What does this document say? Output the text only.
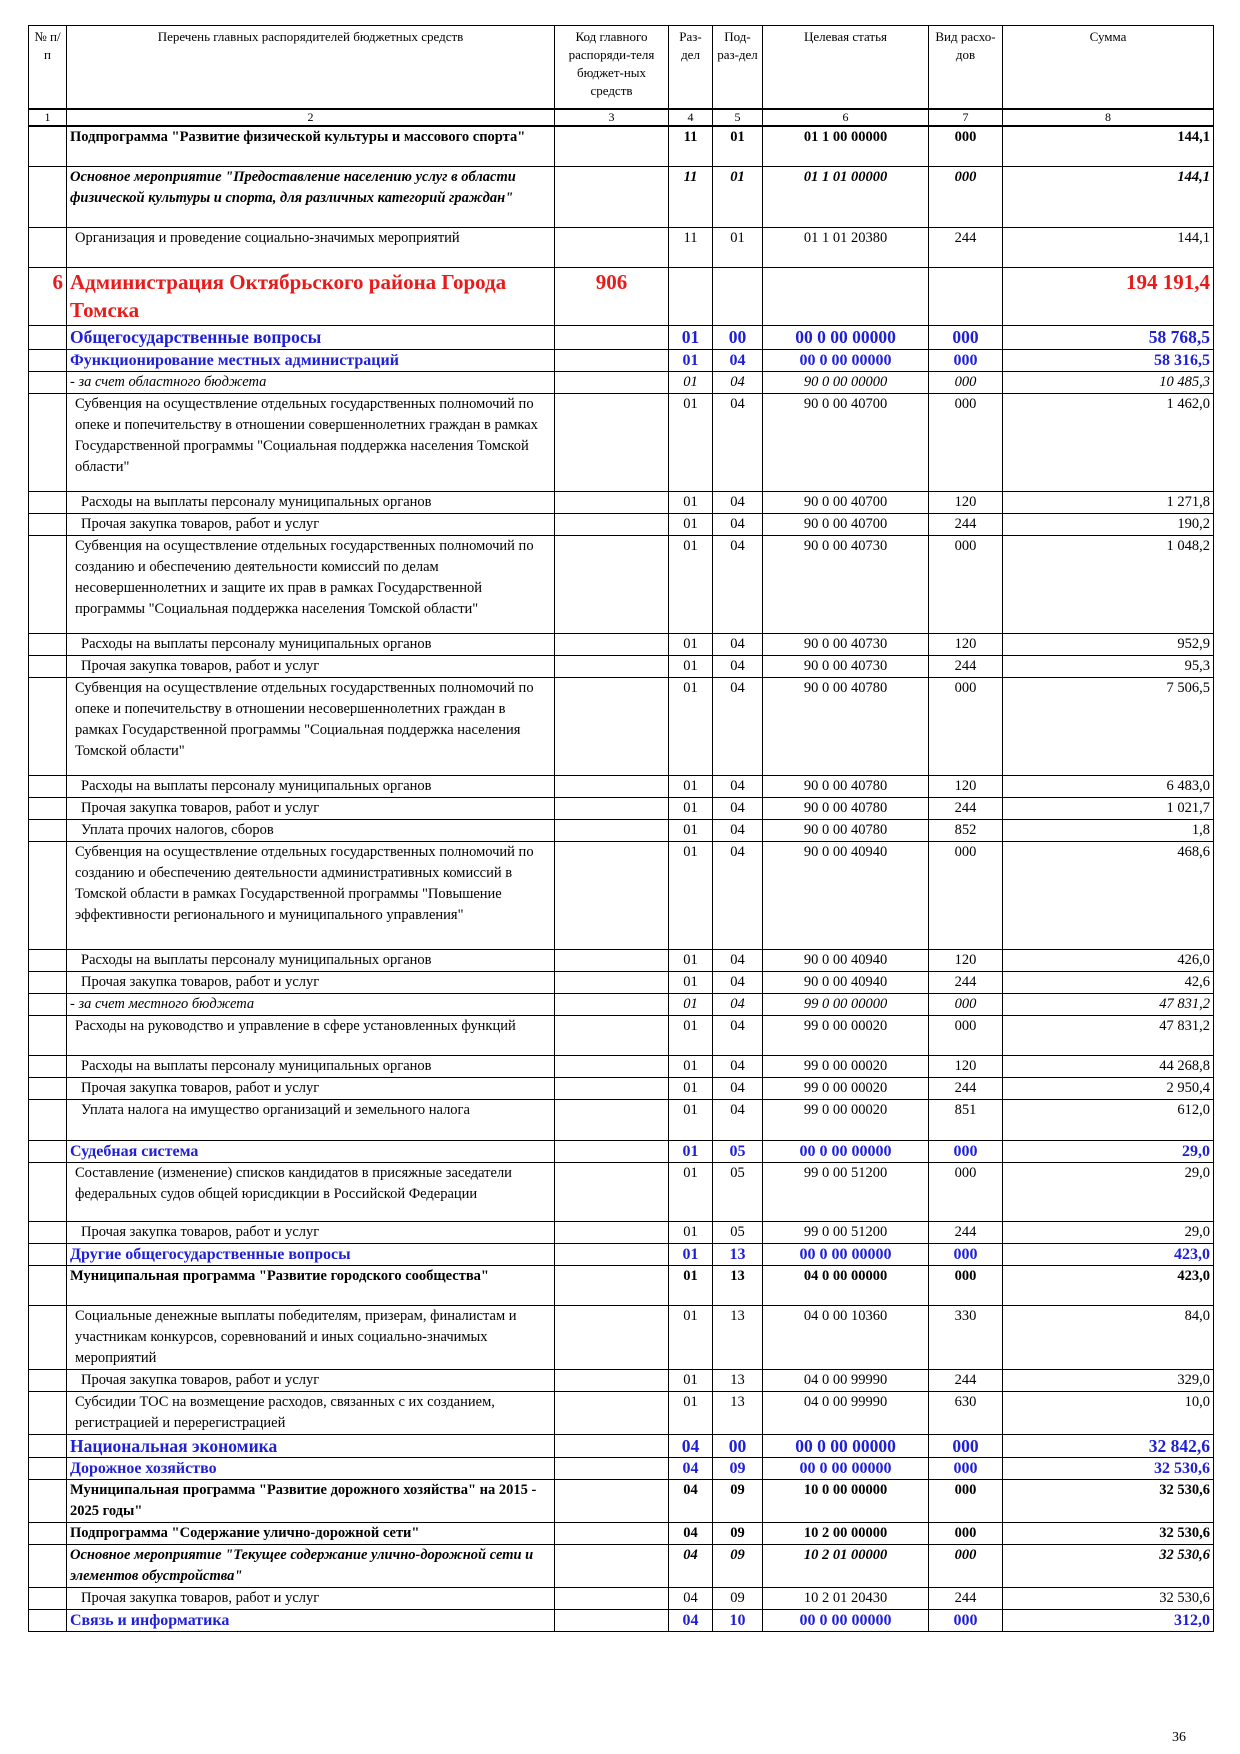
№ п/п	Перечень главных распорядителей бюджетных средств	Код главного распоряди-теля бюджет-ных средств	Раз-дел	Под-раз-дел	Целевая статья	Вид расхо-дов	Сумма
1	2	3	4	5	6	7	8
	Подпрограмма "Развитие физической культуры и массового спорта"		11	01	01 1 00 00000	000	144,1
	Основное мероприятие "Предоставление населению услуг в области физической культуры и спорта, для различных категорий граждан"		11	01	01 1 01 00000	000	144,1
	Организация и проведение социально-значимых мероприятий		11	01	01 1 01 20380	244	144,1
6	Администрация Октябрьского района Города Томска	906					194 191,4
	Общегосударственные вопросы		01	00	00 0 00 00000	000	58 768,5
	Функционирование местных администраций		01	04	00 0 00 00000	000	58 316,5
	- за счет областного бюджета		01	04	90 0 00 00000	000	10 485,3
	Субвенция на осуществление отдельных государственных полномочий по опеке и попечительству в отношении совершеннолетних граждан в рамках Государственной программы "Социальная поддержка населения Томской области"		01	04	90 0 00 40700	000	1 462,0
	Расходы на выплаты персоналу муниципальных органов		01	04	90 0 00 40700	120	1 271,8
	Прочая закупка товаров, работ и услуг		01	04	90 0 00 40700	244	190,2
	Субвенция на осуществление отдельных государственных полномочий по созданию и обеспечению деятельности комиссий по делам несовершеннолетних и защите их прав в рамках Государственной программы "Социальная поддержка населения Томской области"		01	04	90 0 00 40730	000	1 048,2
	Расходы на выплаты персоналу муниципальных органов		01	04	90 0 00 40730	120	952,9
	Прочая закупка товаров, работ и услуг		01	04	90 0 00 40730	244	95,3
	Субвенция на осуществление отдельных государственных полномочий по опеке и попечительству в отношении несовершеннолетних граждан в рамках Государственной программы "Социальная поддержка населения Томской области"		01	04	90 0 00 40780	000	7 506,5
	Расходы на выплаты персоналу муниципальных органов		01	04	90 0 00 40780	120	6 483,0
	Прочая закупка товаров, работ и услуг		01	04	90 0 00 40780	244	1 021,7
	Уплата прочих налогов, сборов		01	04	90 0 00 40780	852	1,8
	Субвенция на осуществление отдельных государственных полномочий по созданию и обеспечению деятельности административных комиссий в Томской области в рамках Государственной программы "Повышение эффективности регионального и муниципального управления"		01	04	90 0 00 40940	000	468,6
	Расходы на выплаты персоналу муниципальных органов		01	04	90 0 00 40940	120	426,0
	Прочая закупка товаров, работ и услуг		01	04	90 0 00 40940	244	42,6
	- за счет местного бюджета		01	04	99 0 00 00000	000	47 831,2
	Расходы на руководство и управление в сфере установленных функций		01	04	99 0 00 00020	000	47 831,2
	Расходы на выплаты персоналу муниципальных органов		01	04	99 0 00 00020	120	44 268,8
	Прочая закупка товаров, работ и услуг		01	04	99 0 00 00020	244	2 950,4
	Уплата налога на имущество организаций и земельного налога		01	04	99 0 00 00020	851	612,0
	Судебная система		01	05	00 0 00 00000	000	29,0
	Составление (изменение) списков кандидатов в присяжные заседатели федеральных судов общей юрисдикции в Российской Федерации		01	05	99 0 00 51200	000	29,0
	Прочая закупка товаров, работ и услуг		01	05	99 0 00 51200	244	29,0
	Другие общегосударственные вопросы		01	13	00 0 00 00000	000	423,0
	Муниципальная программа "Развитие городского сообщества"		01	13	04 0 00 00000	000	423,0
	Социальные денежные выплаты победителям, призерам, финалистам и участникам конкурсов, соревнований и иных социально-значимых мероприятий		01	13	04 0 00 10360	330	84,0
	Прочая закупка товаров, работ и услуг		01	13	04 0 00 99990	244	329,0
	Субсидии ТОС на возмещение расходов, связанных с их созданием, регистрацией и перерегистрацией		01	13	04 0 00 99990	630	10,0
	Национальная экономика		04	00	00 0 00 00000	000	32 842,6
	Дорожное хозяйство		04	09	00 0 00 00000	000	32 530,6
	Муниципальная программа "Развитие дорожного хозяйства" на 2015 - 2025 годы"		04	09	10 0 00 00000	000	32 530,6
	Подпрограмма "Содержание улично-дорожной сети"		04	09	10 2 00 00000	000	32 530,6
	Основное мероприятие "Текущее содержание улично-дорожной сети и элементов обустройства"		04	09	10 2 01 00000	000	32 530,6
	Прочая закупка товаров, работ и услуг		04	09	10 2 01 20430	244	32 530,6
	Связь и информатика		04	10	00 0 00 00000	000	312,0
36
